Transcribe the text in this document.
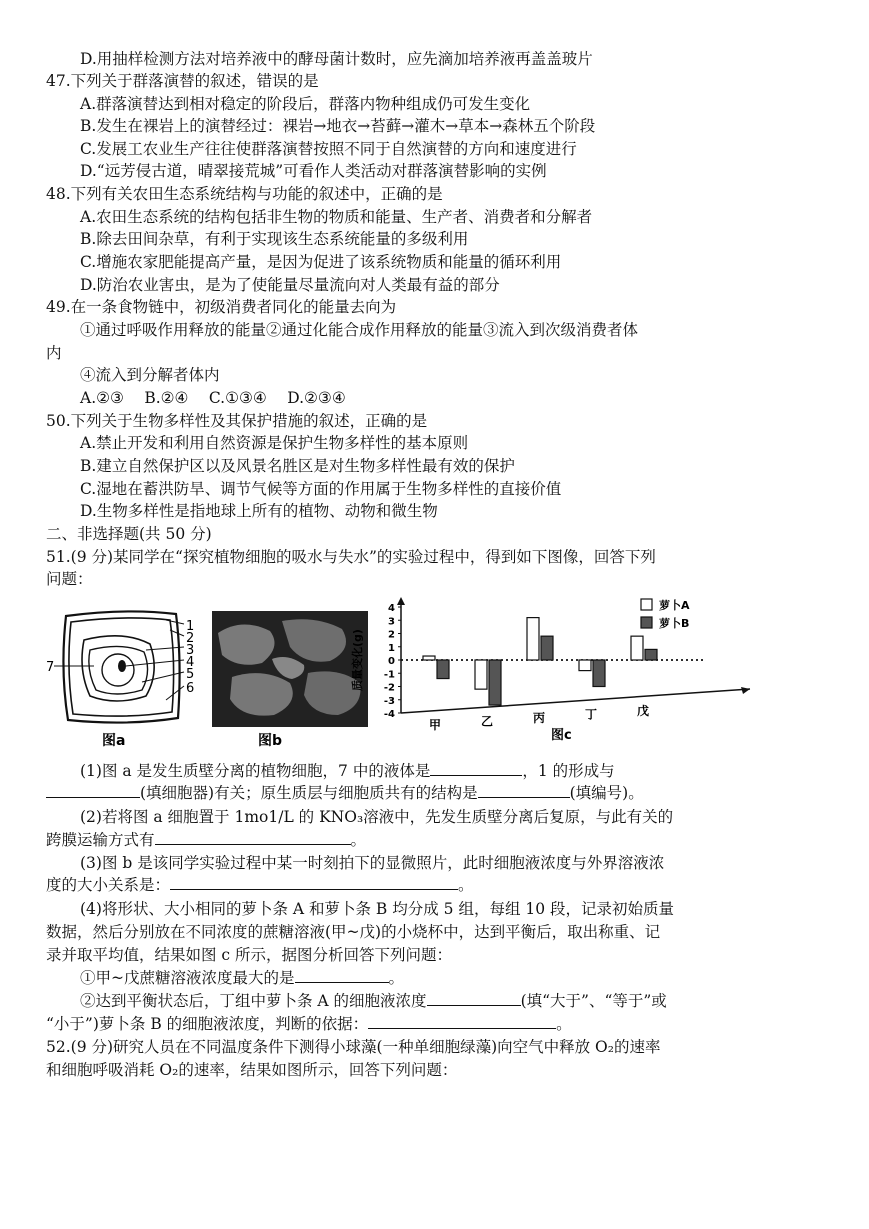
D.用抽样检测方法对培养液中的酵母菌计数时，应先滴加培养液再盖盖玻片
47.下列关于群落演替的叙述，错误的是
A.群落演替达到相对稳定的阶段后，群落内物种组成仍可发生变化
B.发生在裸岩上的演替经过：裸岩→地衣→苔藓→灌木→草本→森林五个阶段
C.发展工农业生产往往使群落演替按照不同于自然演替的方向和速度进行
D.“远芳侵古道，晴翠接荒城”可看作人类活动对群落演替影响的实例
48.下列有关农田生态系统结构与功能的叙述中，正确的是
A.农田生态系统的结构包括非生物的物质和能量、生产者、消费者和分解者
B.除去田间杂草，有利于实现该生态系统能量的多级利用
C.增施农家肥能提高产量，是因为促进了该系统物质和能量的循环利用
D.防治农业害虫，是为了使能量尽量流向对人类最有益的部分
49.在一条食物链中，初级消费者同化的能量去向为
①通过呼吸作用释放的能量②通过化能合成作用释放的能量③流入到次级消费者体
内
④流入到分解者体内
A.②③　 B.②④　 C.①③④　 D.②③④
50.下列关于生物多样性及其保护措施的叙述，正确的是
A.禁止开发和利用自然资源是保护生物多样性的基本原则
B.建立自然保护区以及风景名胜区是对生物多样性最有效的保护
C.湿地在蓄洪防旱、调节气候等方面的作用属于生物多样性的直接价值
D.生物多样性是指地球上所有的植物、动物和微生物
二、非选择题(共 50 分)
51.(9 分)某同学在“探究植物细胞的吸水与失水”的实验过程中，得到如下图像，回答下列
问题：
1
2
3
4
5
6
7
图a	图b
4
3
2
1
0
-1
-2
-3
-4
质量变化(g)
甲	乙	丙	丁	戊
萝卜A
萝卜B
图c
(1)图 a 是发生质壁分离的植物细胞，7 中的液体是	，1 的形成与
(填细胞器)有关；原生质层与细胞质共有的结构是	(填编号)。
(2)若将图 a 细胞置于 1mo1/L 的 KNO₃溶液中，先发生质壁分离后复原，与此有关的
跨膜运输方式有	。
(3)图 b 是该同学实验过程中某一时刻拍下的显微照片，此时细胞液浓度与外界溶液浓
度的大小关系是：	。
(4)将形状、大小相同的萝卜条 A 和萝卜条 B 均分成 5 组，每组 10 段，记录初始质量
数据，然后分别放在不同浓度的蔗糖溶液(甲~戊)的小烧杯中，达到平衡后，取出称重、记
录并取平均值，结果如图 c 所示，据图分析回答下列问题：
①甲~戊蔗糖溶液浓度最大的是	。
②达到平衡状态后，丁组中萝卜条 A 的细胞液浓度	(填“大于”、“等于”或
“小于”)萝卜条 B 的细胞液浓度，判断的依据：	。
52.(9 分)研究人员在不同温度条件下测得小球藻(一种单细胞绿藻)向空气中释放 O₂的速率
和细胞呼吸消耗 O₂的速率，结果如图所示，回答下列问题：
